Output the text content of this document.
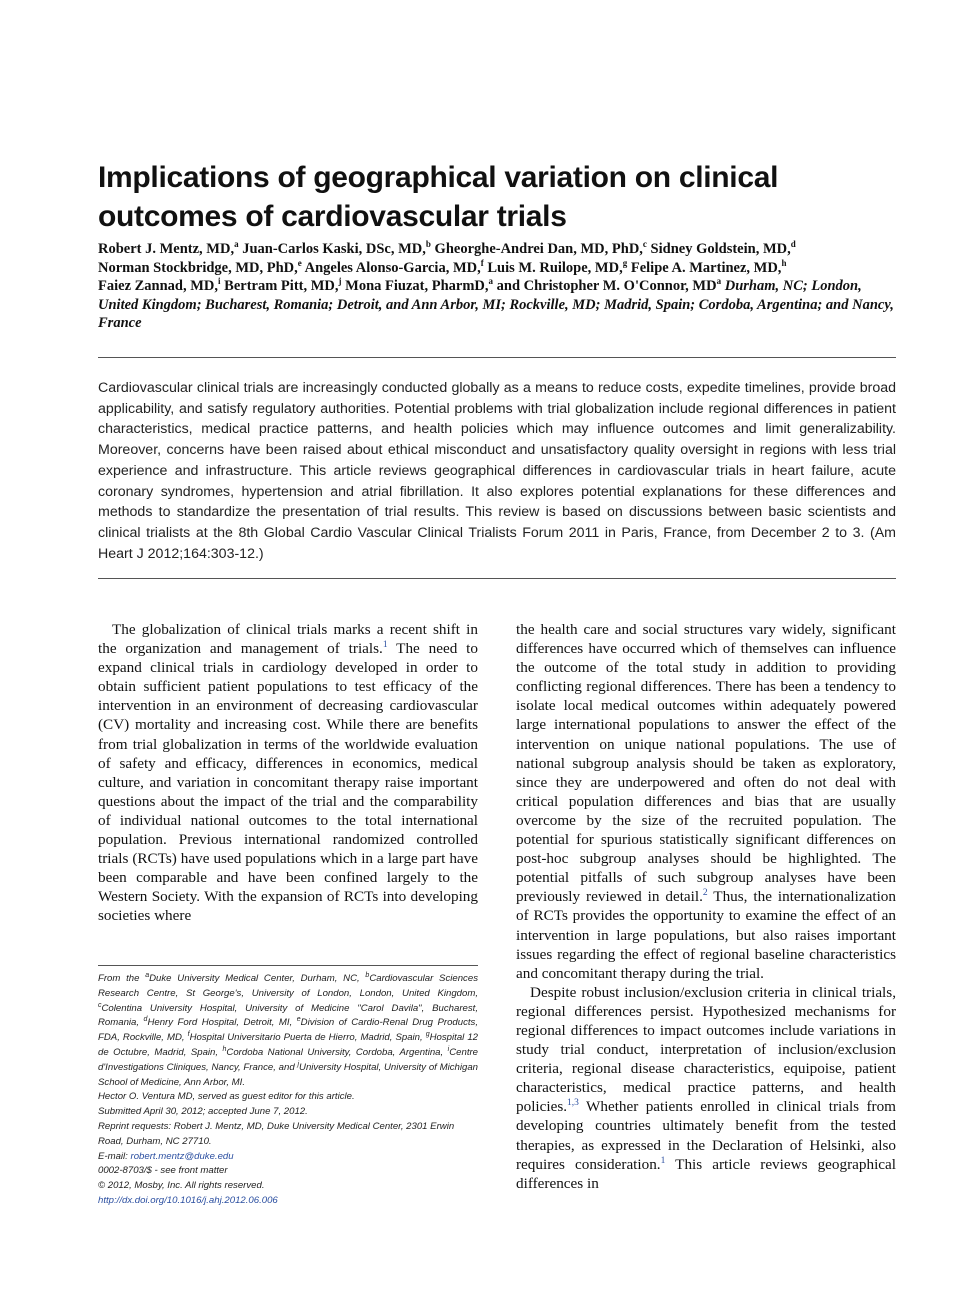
Implications of geographical variation on clinical outcomes of cardiovascular trials
Robert J. Mentz, MD,$^a$ Juan-Carlos Kaski, DSc, MD,$^b$ Gheorghe-Andrei Dan, MD, PhD,$^c$ Sidney Goldstein, MD,$^d$
Norman Stockbridge, MD, PhD,$^e$ Angeles Alonso-Garcia, MD,$^f$ Luis M. Ruilope, MD,$^g$ Felipe A. Martinez, MD,$^h$
Faiez Zannad, MD,$^i$ Bertram Pitt, MD,$^j$ Mona Fiuzat, PharmD,$^a$ and Christopher M. O'Connor, $MD^a$ Durham, NC; London, United Kingdom; Bucharest, Romania; Detroit, and Ann Arbor, MI; Rockville, MD; Madrid, Spain; Cordoba, Argentina; and Nancy, France
Cardiovascular clinical trials are increasingly conducted globally as a means to reduce costs, expedite timelines, provide broad applicability, and satisfy regulatory authorities. Potential problems with trial globalization include regional differences in patient characteristics, medical practice patterns, and health policies which may influence outcomes and limit generalizability. Moreover, concerns have been raised about ethical misconduct and unsatisfactory quality oversight in regions with less trial experience and infrastructure. This article reviews geographical differences in cardiovascular trials in heart failure, acute coronary syndromes, hypertension and atrial fibrillation. It also explores potential explanations for these differences and methods to standardize the presentation of trial results. This review is based on discussions between basic scientists and clinical trialists at the 8th Global Cardio Vascular Clinical Trialists Forum 2011 in Paris, France, from December 2 to 3. (Am Heart J 2012;164:303-12.)

The globalization of clinical trials marks a recent shift in the organization and management of trials.$^1$ The need to expand clinical trials in cardiology developed in order to obtain sufficient patient populations to test efficacy of the intervention in an environment of decreasing cardiovascular (CV) mortality and increasing cost. While there are benefits from trial globalization in terms of the worldwide evaluation of safety and efficacy, differences in economics, medical culture, and variation in concomitant therapy raise important questions about the impact of the trial and the comparability of individual national outcomes to the total international population. Previous international randomized controlled trials (RCTs) have used populations which in a large part have been comparable and have been confined largely to the Western Society. With the expansion of RCTs into developing societies where

From the $^a$Duke University Medical Center, Durham, NC, $^b$Cardiovascular Sciences Research Centre, St George's, University of London, London, United Kingdom, $^c$Colentina University Hospital, University of Medicine "Carol Davila", Bucharest, Romania, $^d$Henry Ford Hospital, Detroit, MI, $^e$Division of Cardio-Renal Drug Products, FDA, Rockville, MD, $^f$Hospital Universitario Puerta de Hierro, Madrid, Spain, $^g$Hospital 12 de Octubre, Madrid, Spain, $^h$Cordoba National University, Cordoba, Argentina, $^i$Centre d'Investigations Cliniques, Nancy, France, and $^j$University Hospital, University of Michigan School of Medicine, Ann Arbor, MI.

Hector O. Ventura MD, served as guest editor for this article.

Submitted April 30, 2012; accepted June 7, 2012.

Reprint requests: Robert J. Mentz, MD, Duke University Medical Center, 2301 Erwin Road, Durham, NC 27710.

E-mail: robert.mentz@duke.edu

0002-8703/$ - see front matter

© 2012, Mosby, Inc. All rights reserved.

http://dx.doi.org/10.1016/j.ahj.2012.06.006

the health care and social structures vary widely, significant differences have occurred which of themselves can influence the outcome of the total study in addition to providing conflicting regional differences. There has been a tendency to isolate local medical outcomes within adequately powered large international populations to answer the effect of the intervention on unique national populations. The use of national subgroup analysis should be taken as exploratory, since they are underpowered and often do not deal with critical population differences and bias that are usually overcome by the size of the recruited population. The potential for spurious statistically significant differences on post-hoc subgroup analyses should be highlighted. The potential pitfalls of such subgroup analyses have been previously reviewed in detail.$^2$ Thus, the internationalization of RCTs provides the opportunity to examine the effect of an intervention in large populations, but also raises important issues regarding the effect of regional baseline characteristics and concomitant therapy during the trial.

Despite robust inclusion/exclusion criteria in clinical trials, regional differences persist. Hypothesized mechanisms for regional differences to impact outcomes include variations in study trial conduct, interpretation of inclusion/exclusion criteria, regional disease characteristics, equipoise, patient characteristics, medical practice patterns, and health policies.$^{1,3}$ Whether patients enrolled in clinical trials from developing countries ultimately benefit from the tested therapies, as expressed in the Declaration of Helsinki, also requires consideration.$^1$ This article reviews geographical differences in
